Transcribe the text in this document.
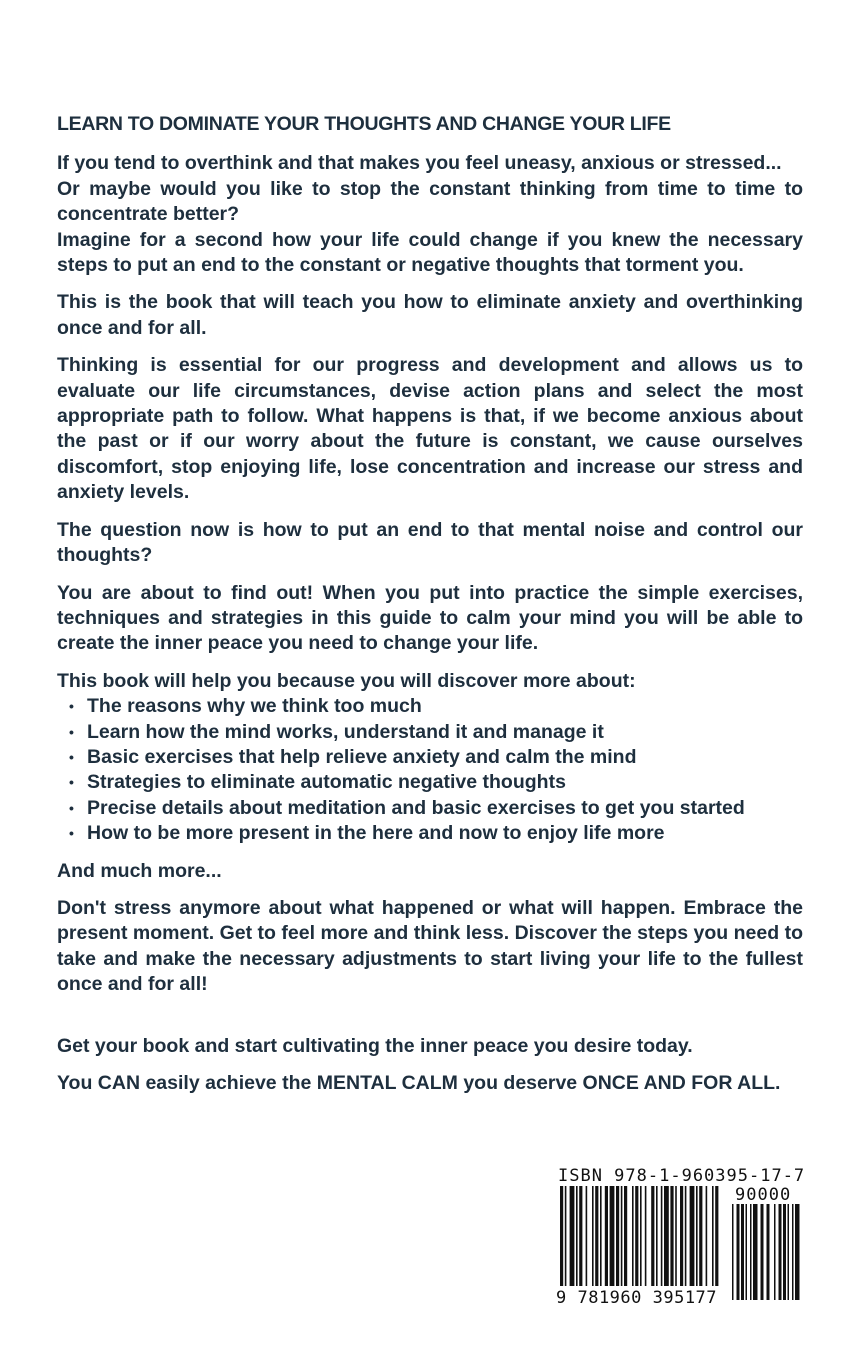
LEARN TO DOMINATE YOUR THOUGHTS AND CHANGE YOUR LIFE

If you tend to overthink and that makes you feel uneasy, anxious or stressed...
Or maybe would you like to stop the constant thinking from time to time to concentrate better?
Imagine for a second how your life could change if you knew the necessary steps to put an end to the constant or negative thoughts that torment you.

This is the book that will teach you how to eliminate anxiety and overthinking once and for all.

Thinking is essential for our progress and development and allows us to evaluate our life circumstances, devise action plans and select the most appropriate path to follow. What happens is that, if we become anxious about the past or if our worry about the future is constant, we cause ourselves discomfort, stop enjoying life, lose concentration and increase our stress and anxiety levels.

The question now is how to put an end to that mental noise and control our thoughts?

You are about to find out! When you put into practice the simple exercises, techniques and strategies in this guide to calm your mind you will be able to create the inner peace you need to change your life.

This book will help you because you will discover more about:
• The reasons why we think too much
• Learn how the mind works, understand it and manage it
• Basic exercises that help relieve anxiety and calm the mind
• Strategies to eliminate automatic negative thoughts
• Precise details about meditation and basic exercises to get you started
• How to be more present in the here and now to enjoy life more

And much more...

Don't stress anymore about what happened or what will happen. Embrace the present moment. Get to feel more and think less. Discover the steps you need to take and make the necessary adjustments to start living your life to the fullest once and for all!

Get your book and start cultivating the inner peace you desire today.

You CAN easily achieve the MENTAL CALM you deserve ONCE AND FOR ALL.

ISBN 978-1-960395-17-7
90000
9 781960 395177
